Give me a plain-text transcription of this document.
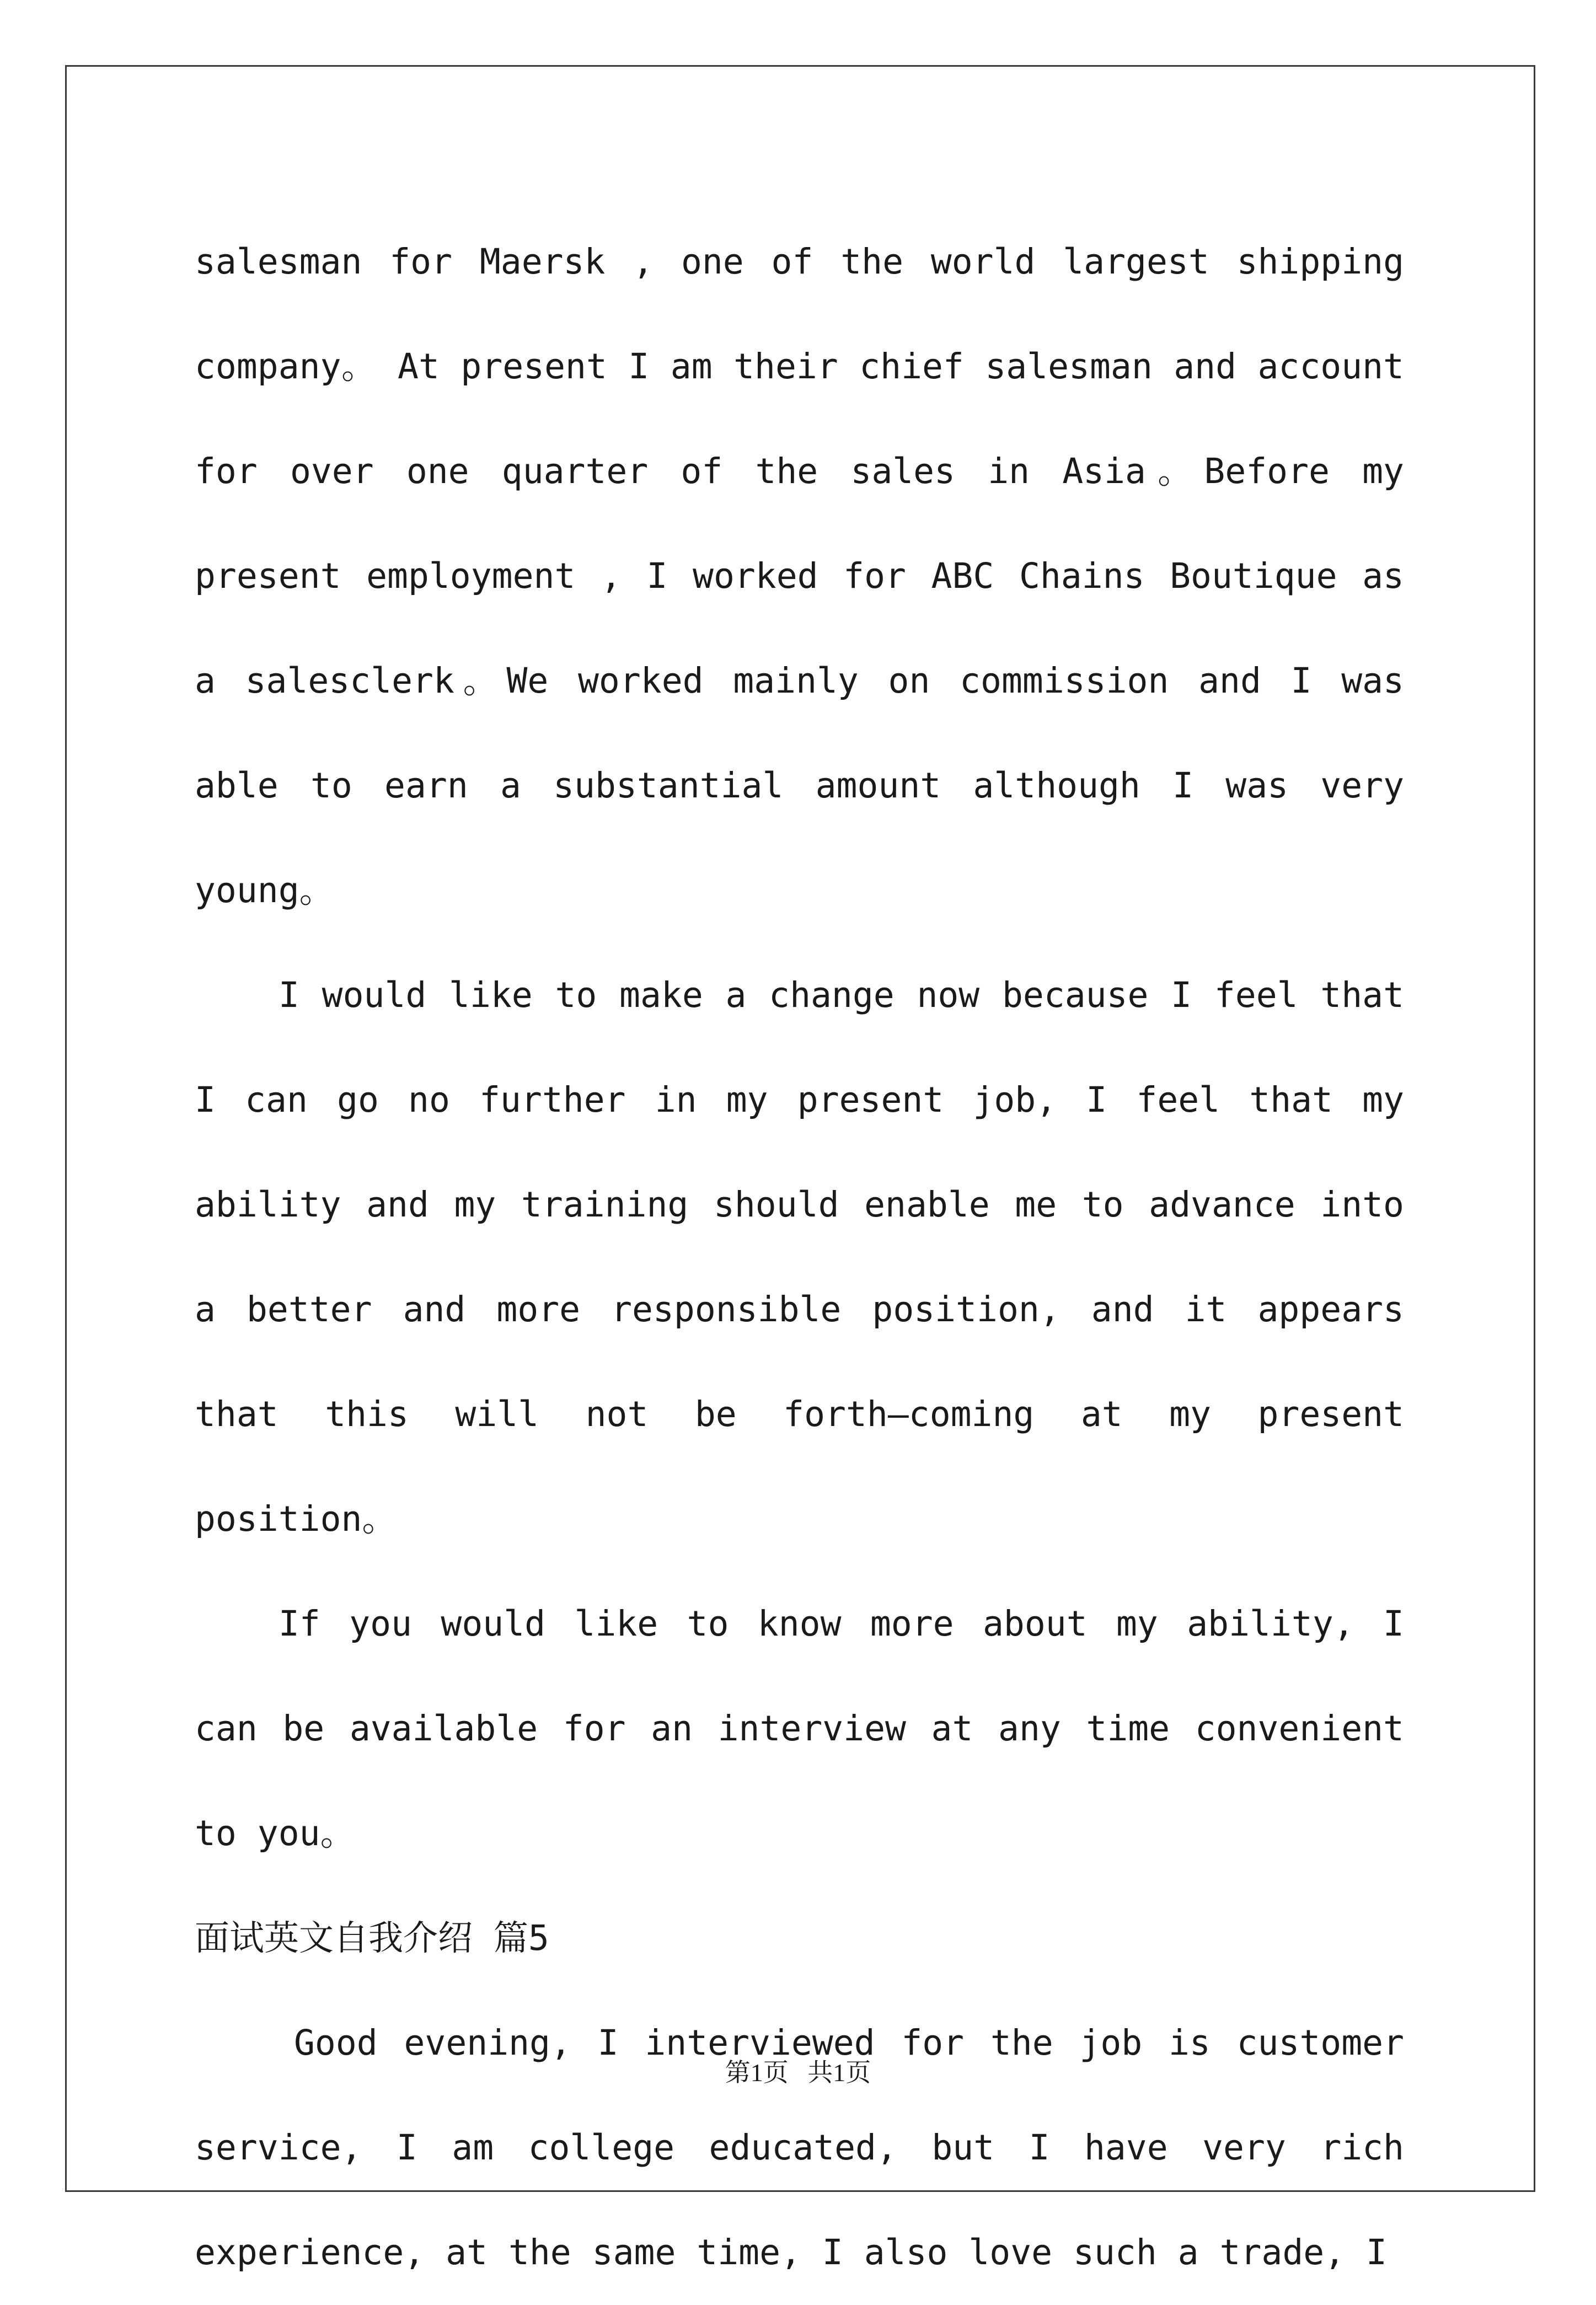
salesman for Maersk , one of the world largest shipping company。 At present I am their chief salesman and account for over one quarter of the sales in Asia。Before my present employment , I worked for ABC Chains Boutique as a salesclerk。We worked mainly on commission and I was able to earn a substantial amount although I was very young。

I would like to make a change now because I feel that I can go no further in my present job, I feel that my ability and my training should enable me to advance into a better and more responsible position, and it appears that this will not be forth—coming at my present position。

If you would like to know more about my ability, I can be available for an interview at any time convenient to you。

面试英文自我介绍 篇5

Good evening, I interviewed for the job is customer service, I am college educated, but I have very rich experience, at the same time, I also love such a trade, I

第1页   共1页
